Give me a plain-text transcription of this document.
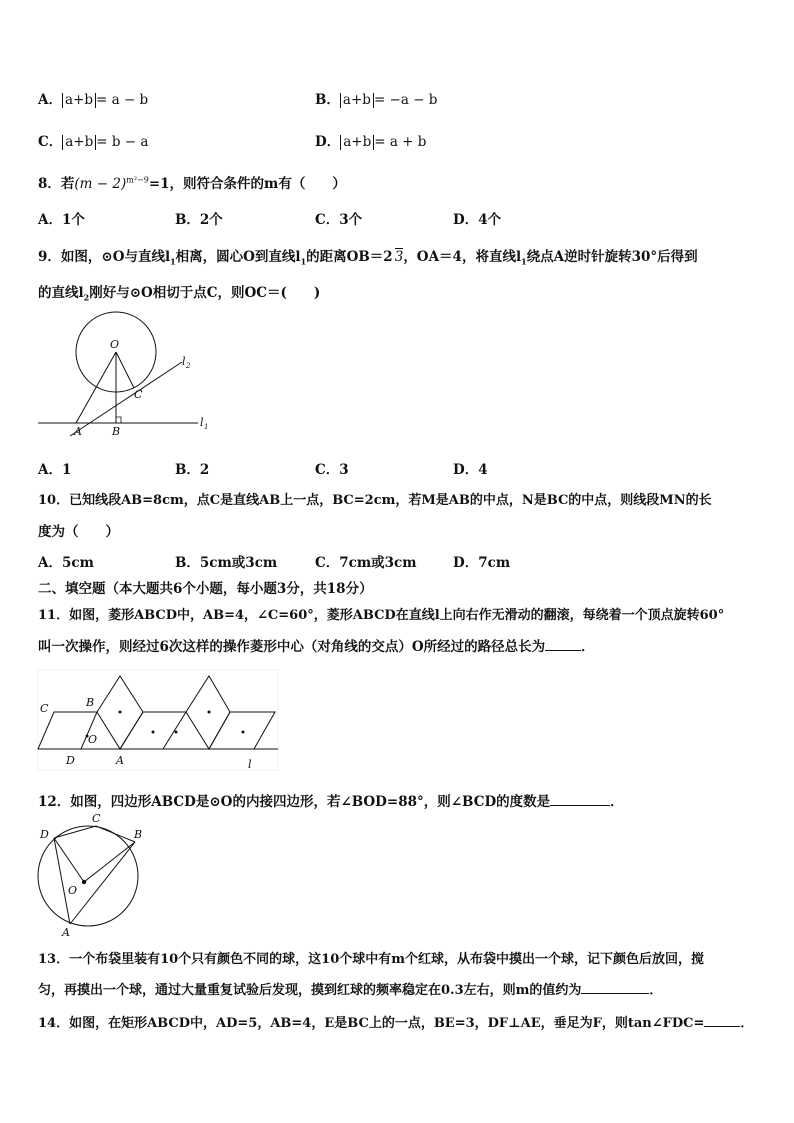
A． a+b = a − b	B． a+b = −a − b
C． a+b = b − a	D． a+b = a + b
8．若$(m - 2)^{m^2-9}=1$，则符合条件的m有（　　）
A．1个	B．2个	C．3个	D．4个
9．如图，⊙O与直线$l_1$相离，圆心O到直线$l_1$的距离OB＝2 3，OA＝4，将直线$l_1$绕点A逆时针旋转30°后得到
的直线$l_2$刚好与⊙O相切于点C，则OC＝(　　)
O
C
A	B
l 2
l 1
A．1	B．2	C．3	D．4
10．已知线段AB=8cm，点C是直线AB上一点，BC=2cm，若M是AB的中点，N是BC的中点，则线段MN的长
度为（　　）
A．5cm	B．5cm或3cm	C．7cm或3cm	D．7cm
二、填空题（本大题共6个小题，每小题3分，共18分）
11．如图，菱形ABCD中，AB=4，∠C=60°，菱形ABCD在直线l上向右作无滑动的翻滚，每绕着一个顶点旋转60°
叫一次操作，则经过6次这样的操作菱形中心（对角线的交点）O所经过的路径总长为	．
C	B
O
D	A	l
12．如图，四边形ABCD是⊙O的内接四边形，若∠BOD=88°，则∠BCD的度数是	．
D
C
B
O
A
13．一个布袋里装有10个只有颜色不同的球，这10个球中有m个红球，从布袋中摸出一个球，记下颜色后放回，搅
匀，再摸出一个球，通过大量重复试验后发现，摸到红球的频率稳定在0.3左右，则m的值约为	．
14．如图，在矩形ABCD中，AD=5，AB=4，E是BC上的一点，BE=3，DF⊥AE，垂足为F，则tan∠FDC=	．
